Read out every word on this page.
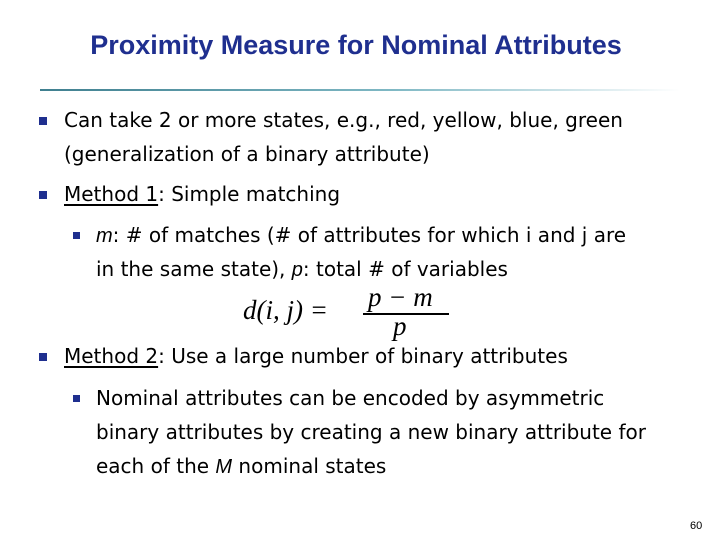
Proximity Measure for Nominal Attributes
Can take 2 or more states, e.g., red, yellow, blue, green
(generalization of a binary attribute)
Method 1: Simple matching
m: # of matches (# of attributes for which i and j are
in the same state), p: total # of variables
d(i, j) = p − m
p
Method 2: Use a large number of binary attributes
Nominal attributes can be encoded by asymmetric
binary attributes by creating a new binary attribute for
each of the M nominal states
60
